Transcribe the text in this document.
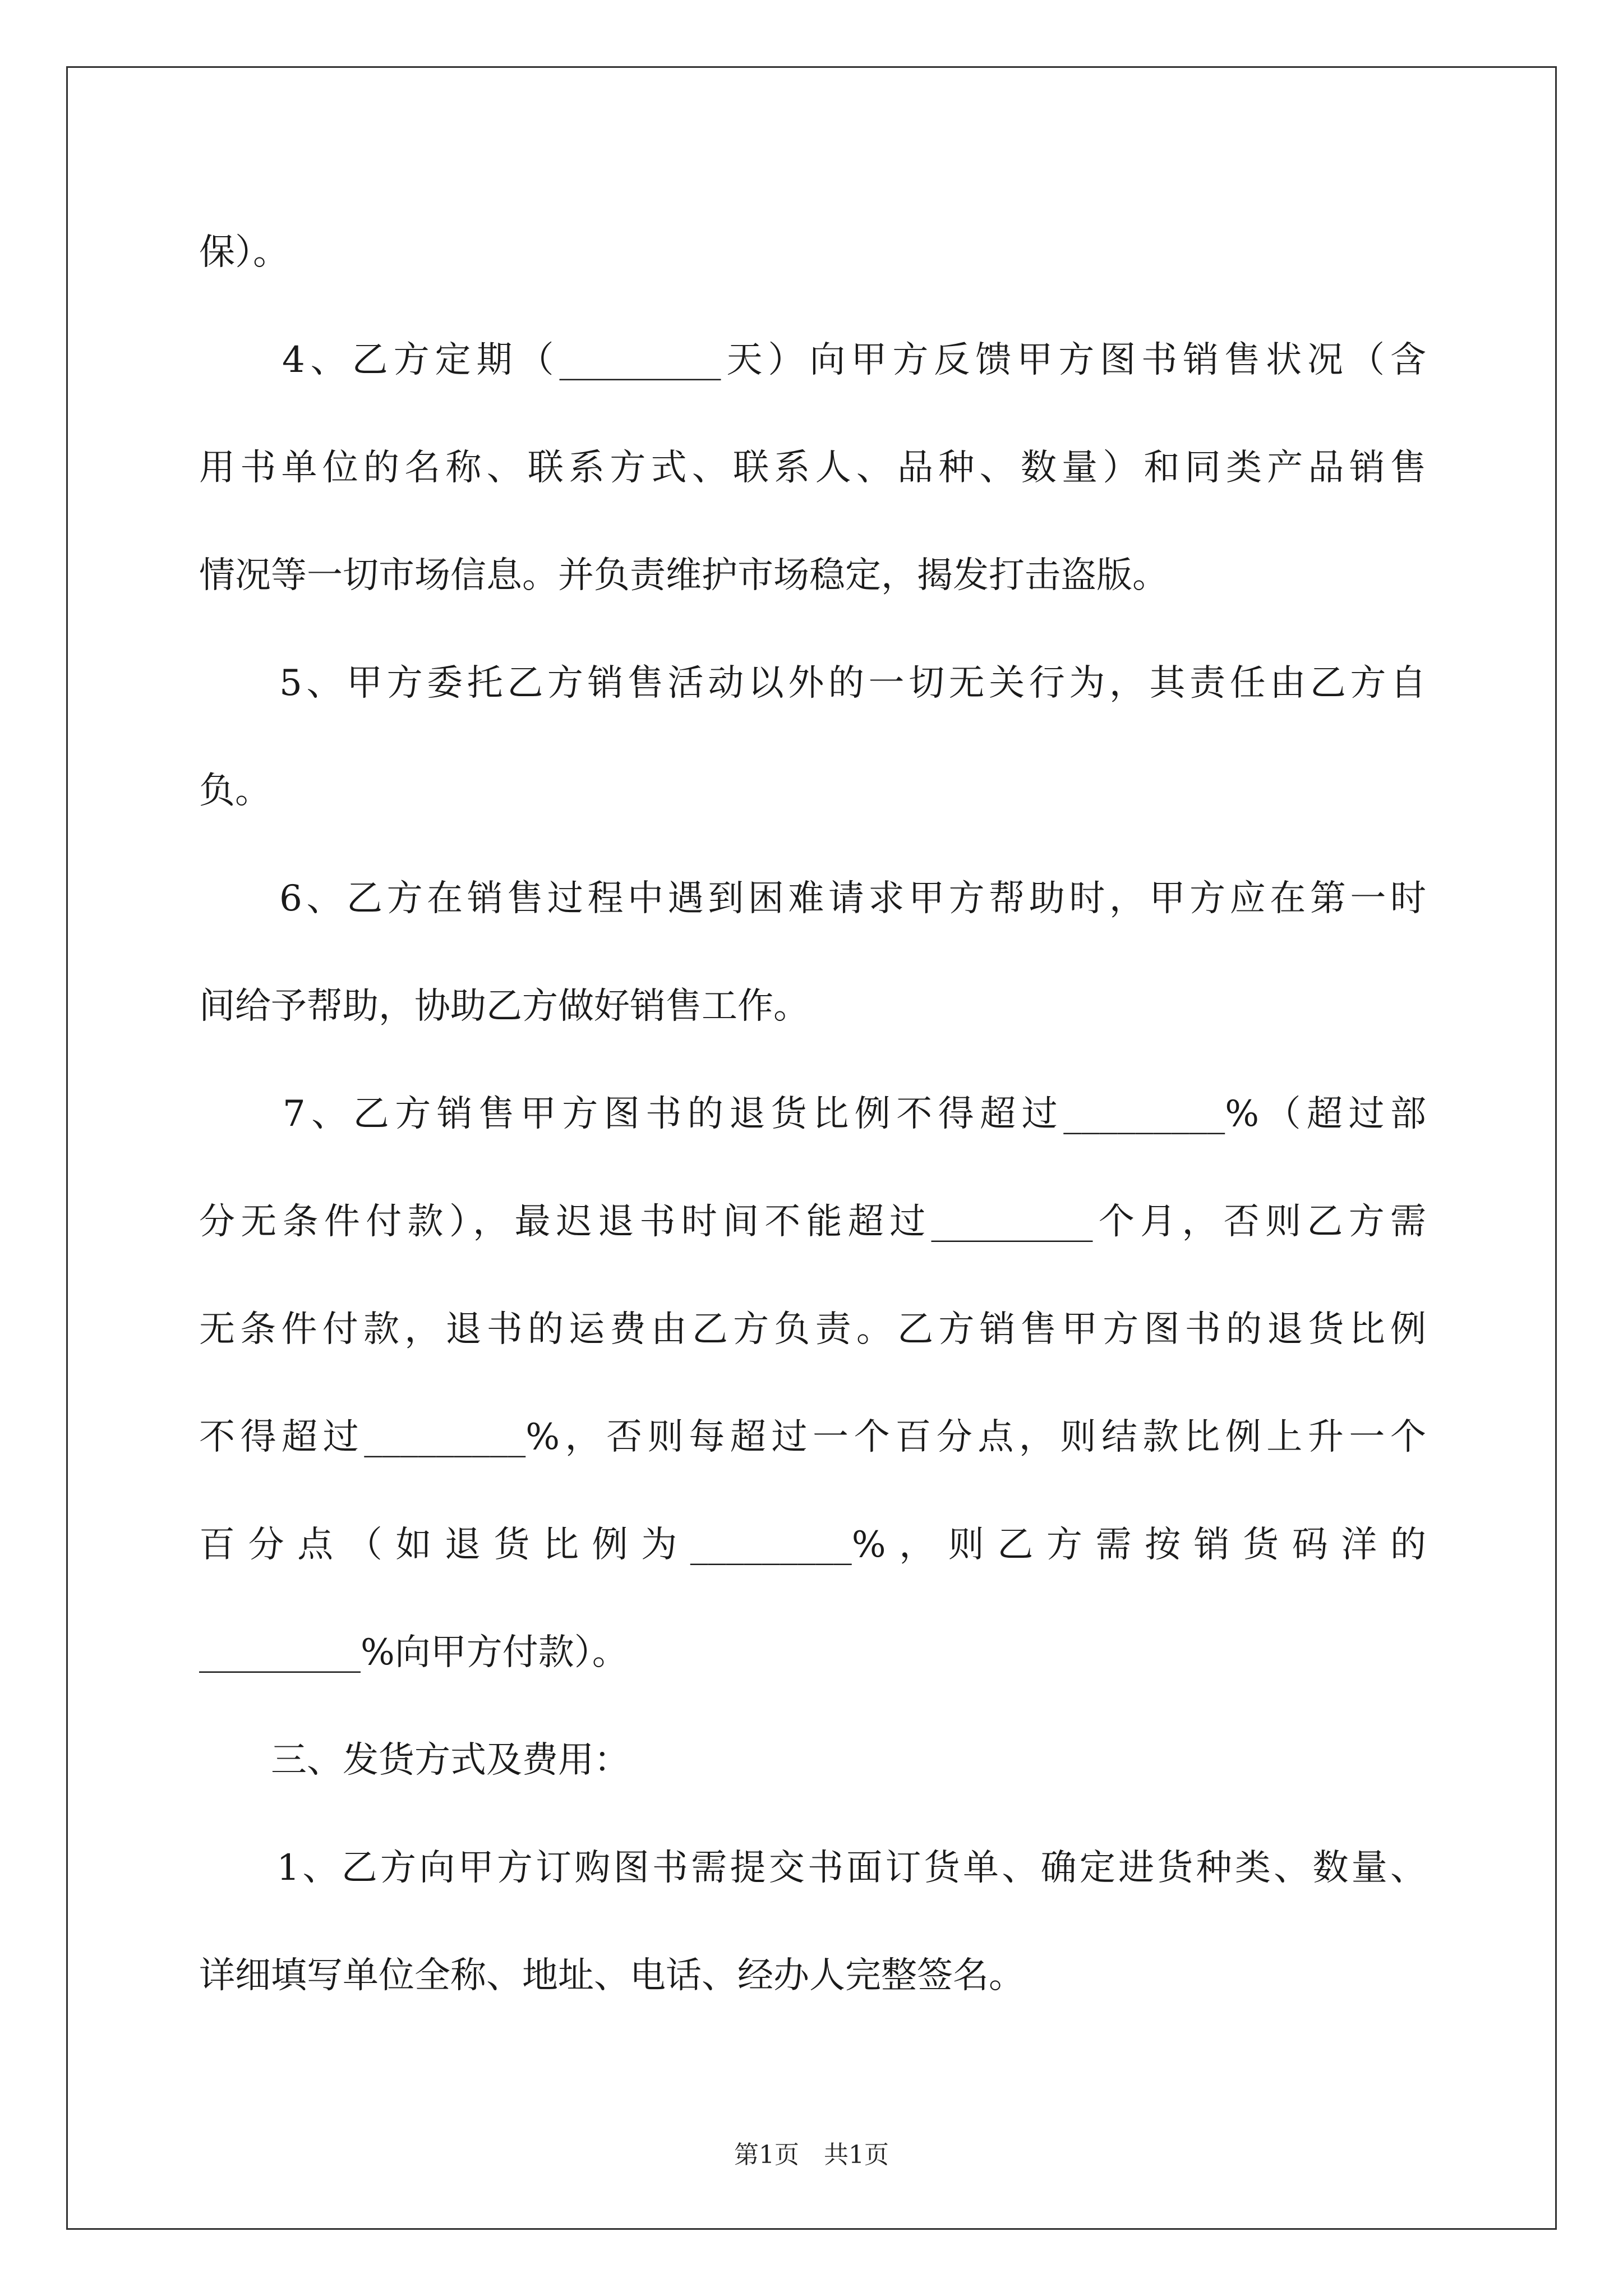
保）。
　　4、乙方定期（_________天）向甲方反馈甲方图书销售状况（含
用书单位的名称、联系方式、联系人、品种、数量）和同类产品销售
情况等一切市场信息。并负责维护市场稳定，揭发打击盗版。
　　5、甲方委托乙方销售活动以外的一切无关行为，其责任由乙方自
负。
　　6、乙方在销售过程中遇到困难请求甲方帮助时，甲方应在第一时
间给予帮助，协助乙方做好销售工作。
　　7、乙方销售甲方图书的退货比例不得超过_________%（超过部
分无条件付款），最迟退书时间不能超过_________个月，否则乙方需
无条件付款，退书的运费由乙方负责。乙方销售甲方图书的退货比例
不得超过_________%，否则每超过一个百分点，则结款比例上升一个
百分点（如退货比例为_________%，则乙方需按销货码洋的
_________%向甲方付款）。
　　三、发货方式及费用：
　　1、乙方向甲方订购图书需提交书面订货单、确定进货种类、数量、
详细填写单位全称、地址、电话、经办人完整签名。
第1页　共1页
